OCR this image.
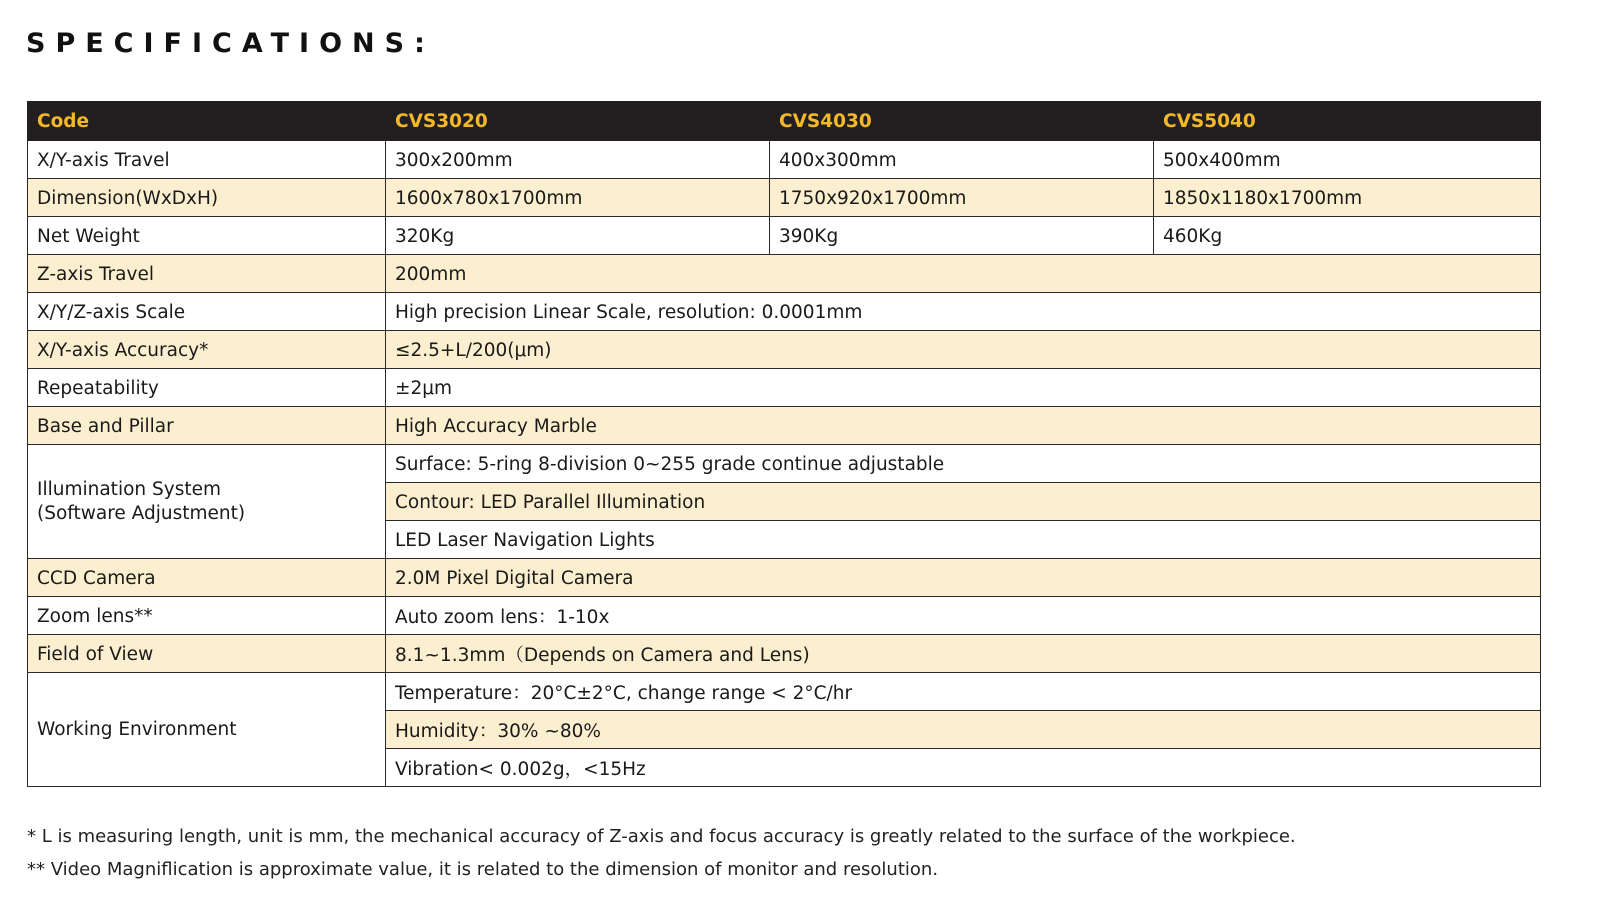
SPECIFICATIONS:
Code	CVS3020	CVS4030	CVS5040
X/Y-axis Travel	300x200mm	400x300mm	500x400mm
Dimension(WxDxH)	1600x780x1700mm	1750x920x1700mm	1850x1180x1700mm
Net Weight	320Kg	390Kg	460Kg
Z-axis Travel	200mm		
X/Y/Z-axis Scale	High precision Linear Scale, resolution: 0.0001mm		
X/Y-axis Accuracy*	≤2.5+L/200(μm)		
Repeatability	±2μm		
Base and Pillar	High Accuracy Marble		

Illumination System
(Software Adjustment)	Surface: 5-ring 8-division 0~255 grade continue adjustable		
	Contour: LED Parallel Illumination		
	LED Laser Navigation Lights		
CCD Camera	2.0M Pixel Digital Camera		
Zoom lens**	Auto zoom lens：1-10x		
Field of View	8.1~1.3mm（Depends on Camera and Lens)		
Working Environment	Temperature：20°C±2°C, change range < 2°C/hr		
	Humidity：30% ~80%		
	Vibration< 0.002g，<15Hz		

* L is measuring length, unit is mm, the mechanical accuracy of Z-axis and focus accuracy is greatly related to the surface of the workpiece.

** Video Magniflication is approximate value, it is related to the dimension of monitor and resolution.
